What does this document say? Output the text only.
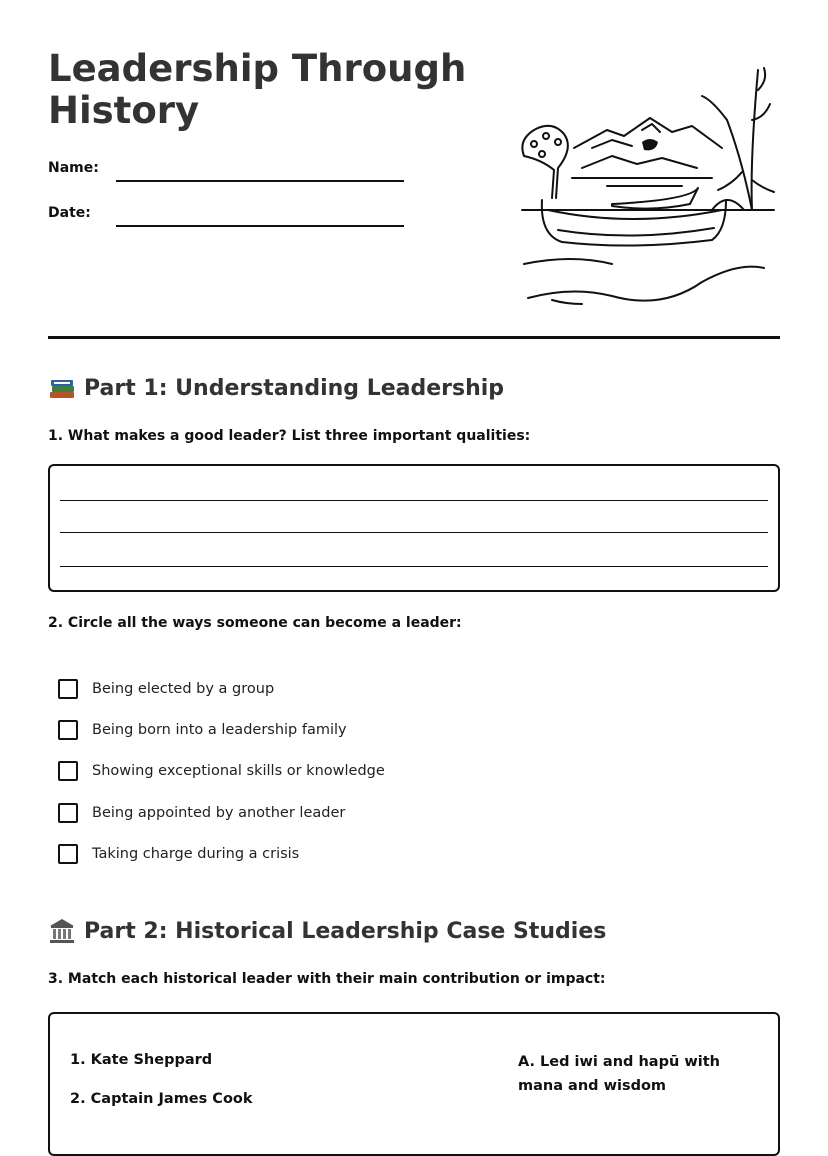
Leadership Through History
Name:
Date:
Part 1: Understanding Leadership

1. What makes a good leader? List three important qualities:

2. Circle all the ways someone can become a leader:

Being elected by a group
Being born into a leadership family
Showing exceptional skills or knowledge
Being appointed by another leader
Taking charge during a crisis
Part 2: Historical Leadership Case Studies

3. Match each historical leader with their main contribution or impact:

1. Kate Sheppard
2. Captain James Cook
A. Led iwi and hapū with mana and wisdom
